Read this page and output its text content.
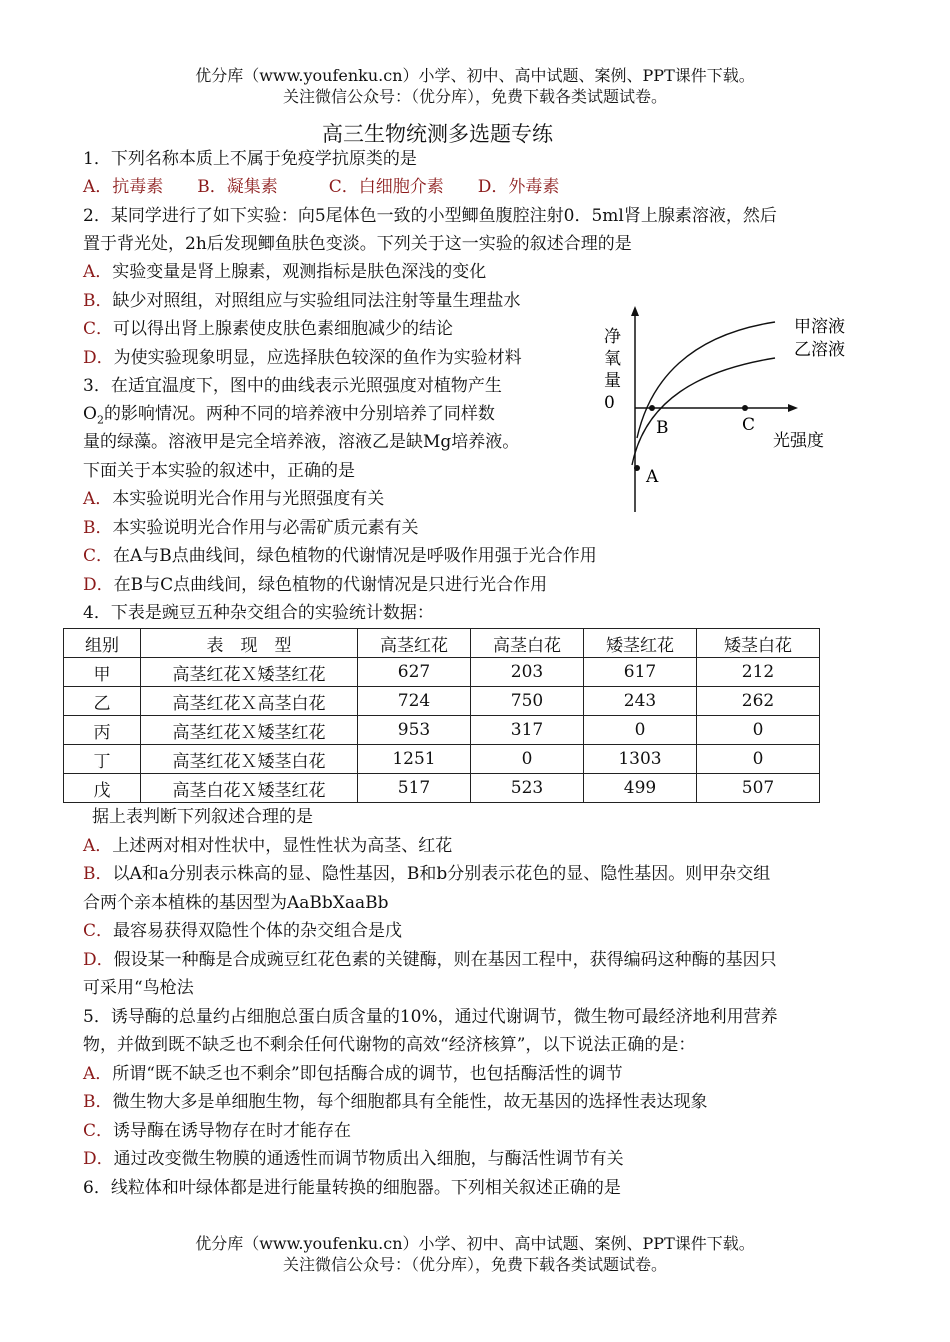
优分库（www.youfenku.cn）小学、初中、高中试题、案例、PPT课件下载。
关注微信公众号：（优分库），免费下载各类试题试卷。
高三生物统测多选题专练
1．下列名称本质上不属于免疫学抗原类的是
A．抗毒素　　B．凝集素　　　C．白细胞介素　　D．外毒素
2．某同学进行了如下实验：向5尾体色一致的小型鲫鱼腹腔注射0．5ml肾上腺素溶液，然后
置于背光处，2h后发现鲫鱼肤色变淡。下列关于这一实验的叙述合理的是
A．实验变量是肾上腺素，观测指标是肤色深浅的变化
B．缺少对照组，对照组应与实验组同法注射等量生理盐水
C．可以得出肾上腺素使皮肤色素细胞减少的结论
D．为使实验现象明显，应选择肤色较深的鱼作为实验材料
3．在适宜温度下，图中的曲线表示光照强度对植物产生
$O_2$的影响情况。两种不同的培养液中分别培养了同样数
量的绿藻。溶液甲是完全培养液，溶液乙是缺Mg培养液。
下面关于本实验的叙述中，正确的是
A．本实验说明光合作用与光照强度有关
B．本实验说明光合作用与必需矿质元素有关
C．在A与B点曲线间，绿色植物的代谢情况是呼吸作用强于光合作用
D．在B与C点曲线间，绿色植物的代谢情况是只进行光合作用
净
氧
量
0
光强度
甲溶液
乙溶液
A
B	C
4．下表是豌豆五种杂交组合的实验统计数据：
组别	表　现　型	高茎红花	高茎白花	矮茎红花	矮茎白花
甲	高茎红花Ｘ矮茎红花	627	203	617	212
乙	高茎红花Ｘ高茎白花	724	750	243	262
丙	高茎红花Ｘ矮茎红花	953	317	0	0
丁	高茎红花Ｘ矮茎白花	1251	0	1303	0
戊	高茎白花Ｘ矮茎红花	517	523	499	507
据上表判断下列叙述合理的是
A．上述两对相对性状中，显性性状为高茎、红花
B．以A和a分别表示株高的显、隐性基因，B和b分别表示花色的显、隐性基因。则甲杂交组
合两个亲本植株的基因型为AaBbXaaBb
C．最容易获得双隐性个体的杂交组合是戊
D．假设某一种酶是合成豌豆红花色素的关键酶，则在基因工程中，获得编码这种酶的基因只
可采用“鸟枪法
5．诱导酶的总量约占细胞总蛋白质含量的10%，通过代谢调节，微生物可最经济地利用营养
物，并做到既不缺乏也不剩余任何代谢物的高效“经济核算”，以下说法正确的是：
A．所谓“既不缺乏也不剩余”即包括酶合成的调节，也包括酶活性的调节
B．微生物大多是单细胞生物，每个细胞都具有全能性，故无基因的选择性表达现象
C．诱导酶在诱导物存在时才能存在
D．通过改变微生物膜的通透性而调节物质出入细胞，与酶活性调节有关
6．线粒体和叶绿体都是进行能量转换的细胞器。下列相关叙述正确的是
优分库（www.youfenku.cn）小学、初中、高中试题、案例、PPT课件下载。
关注微信公众号：（优分库），免费下载各类试题试卷。
